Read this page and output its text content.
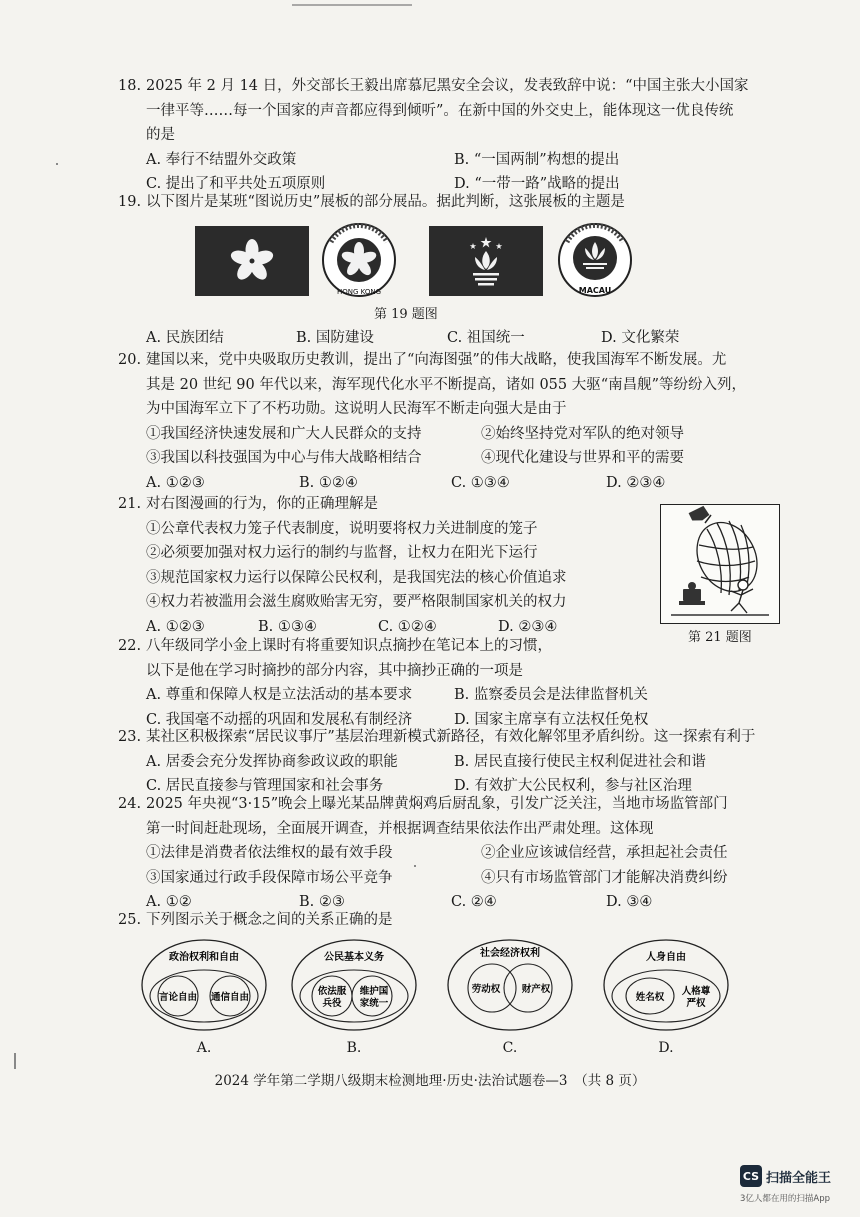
18. 2025 年 2 月 14 日，外交部长王毅出席慕尼黑安全会议，发表致辞中说：“中国主张大小国家
一律平等……每一个国家的声音都应得到倾听”。在新中国的外交史上，能体现这一优良传统
的是
A. 奉行不结盟外交政策	B. “一国两制”构想的提出
C. 提出了和平共处五项原则	D. “一带一路”战略的提出
19. 以下图片是某班“图说历史”展板的部分展品。据此判断，这张展板的主题是
HONG KONG	MACAU
第 19 题图
A. 民族团结	B. 国防建设	C. 祖国统一	D. 文化繁荣
20. 建国以来，党中央吸取历史教训，提出了“向海图强”的伟大战略，使我国海军不断发展。尤
其是 20 世纪 90 年代以来，海军现代化水平不断提高，诸如 055 大驱“南昌舰”等纷纷入列，
为中国海军立下了不朽功勋。这说明人民海军不断走向强大是由于
①我国经济快速发展和广大人民群众的支持	②始终坚持党对军队的绝对领导
③我国以科技强国为中心与伟大战略相结合	④现代化建设与世界和平的需要
A. ①②③	B. ①②④	C. ①③④	D. ②③④
21. 对右图漫画的行为，你的正确理解是
①公章代表权力笼子代表制度，说明要将权力关进制度的笼子
②必须要加强对权力运行的制约与监督，让权力在阳光下运行
③规范国家权力运行以保障公民权利，是我国宪法的核心价值追求
④权力若被滥用会滋生腐败贻害无穷，要严格限制国家机关的权力
A. ①②③	B. ①③④	C. ①②④	D. ②③④
第 21 题图
22. 八年级同学小金上课时有将重要知识点摘抄在笔记本上的习惯，
以下是他在学习时摘抄的部分内容，其中摘抄正确的一项是
A. 尊重和保障人权是立法活动的基本要求	B. 监察委员会是法律监督机关
C. 我国毫不动摇的巩固和发展私有制经济	D. 国家主席享有立法权任免权
23. 某社区积极探索“居民议事厅”基层治理新模式新路径，有效化解邻里矛盾纠纷。这一探索有利于
A. 居委会充分发挥协商参政议政的职能	B. 居民直接行使民主权利促进社会和谐
C. 居民直接参与管理国家和社会事务	D. 有效扩大公民权利，参与社区治理
24. 2025 年央视“3·15”晚会上曝光某品牌黄焖鸡后厨乱象，引发广泛关注，当地市场监管部门
第一时间赶赴现场，全面展开调查，并根据调查结果依法作出严肃处理。这体现
①法律是消费者依法维权的最有效手段	②企业应该诚信经营，承担起社会责任
③国家通过行政手段保障市场公平竞争	④只有市场监管部门才能解决消费纠纷
A. ①②	B. ②③	C. ②④	D. ③④
25. 下列图示关于概念之间的关系正确的是
政治权利和自由
言论自由 通信自由
A.
公民基本义务
依法服
兵役
维护国
家统一
B.
社会经济权利
劳动权 财产权
C.
人身自由
姓名权
人格尊
严权
D.
2024 学年第二学期八级期末检测地理·历史·法治试题卷—3　（共 8 页）
CS 扫描全能王
3亿人都在用的扫描App
